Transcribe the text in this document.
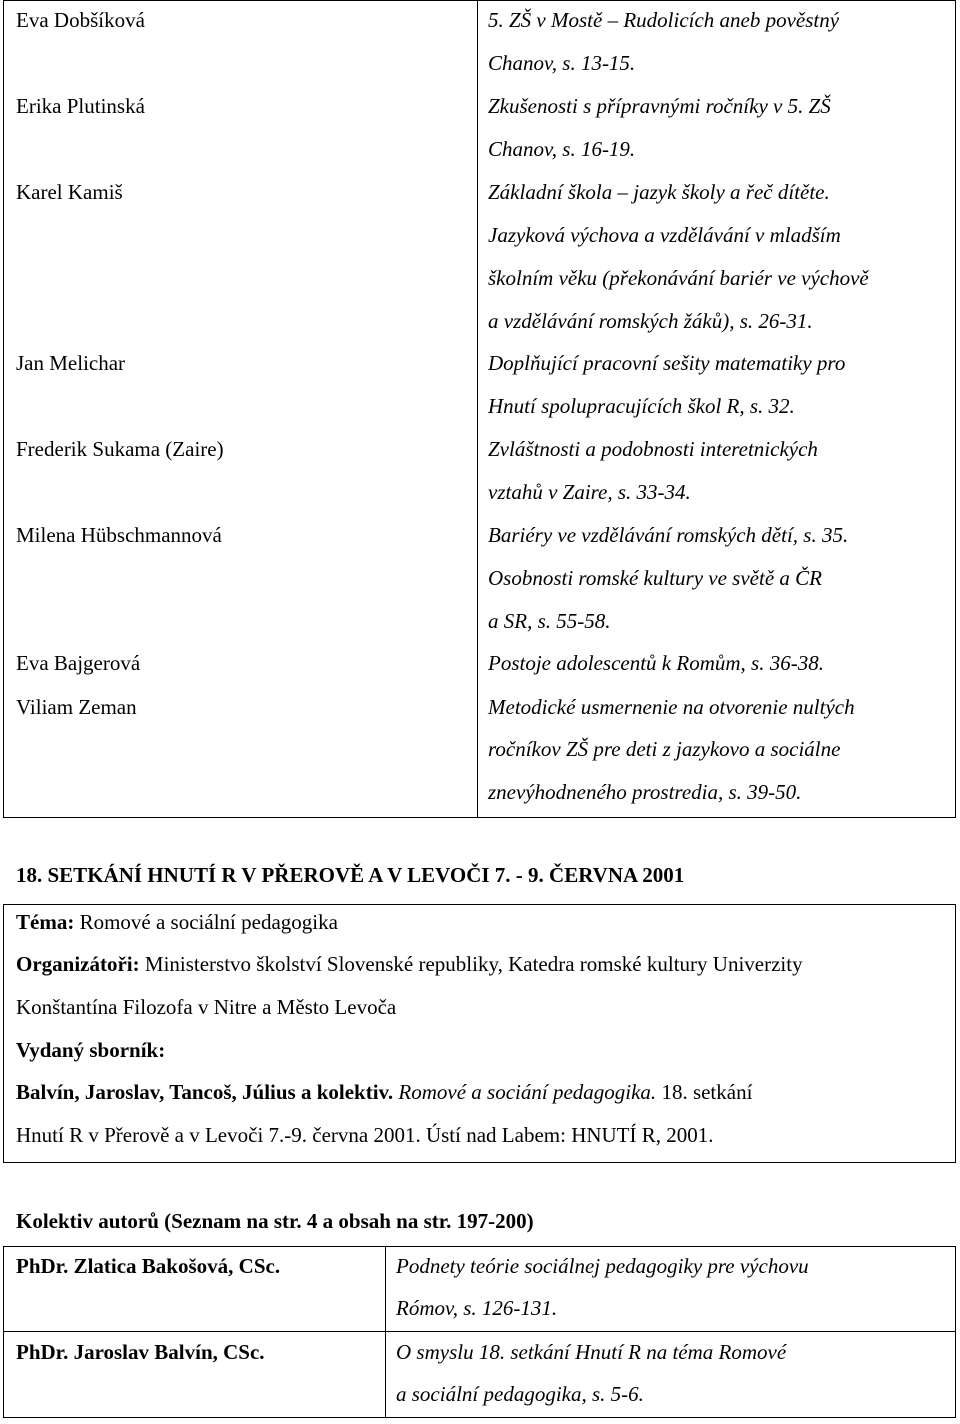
Eva Dobšíková	5. ZŠ v Mostě – Rudolicích aneb pověstný
Chanov, s. 13-15.
Erika Plutinská	Zkušenosti s přípravnými ročníky v 5. ZŠ
Chanov, s. 16-19.
Karel Kamiš	Základní škola – jazyk školy a řeč dítěte.
Jazyková výchova a vzdělávání v mladším
školním věku (překonávání bariér ve výchově
a vzdělávání romských žáků), s. 26-31.
Jan Melichar	Doplňující pracovní sešity matematiky pro
Hnutí spolupracujících škol R, s. 32.
Frederik Sukama (Zaire)	Zvláštnosti a podobnosti interetnických
vztahů v Zaire, s. 33-34.
Milena Hübschmannová	Bariéry ve vzdělávání romských dětí, s. 35.
Osobnosti romské kultury ve světě a ČR
a SR, s. 55-58.
Eva Bajgerová	Postoje adolescentů k Romům, s. 36-38.
Viliam Zeman	Metodické usmernenie na otvorenie nultých
ročníkov ZŠ pre deti z jazykovo a sociálne
znevýhodneného prostredia, s. 39-50.
18. SETKÁNÍ HNUTÍ R V PŘEROVĚ A V LEVOČI 7. - 9. ČERVNA 2001
Téma: Romové a sociální pedagogika
Organizátoři: Ministerstvo školství Slovenské republiky, Katedra romské kultury Univerzity
Konštantína Filozofa v Nitre a Město Levoča
Vydaný sborník:
Balvín, Jaroslav, Tancoš, Július a kolektiv. Romové a sociání pedagogika. 18. setkání
Hnutí R v Přerově a v Levoči 7.-9. června 2001. Ústí nad Labem: HNUTÍ R, 2001.
Kolektiv autorů (Seznam na str. 4 a obsah na str. 197-200)
PhDr. Zlatica Bakošová, CSc.	Podnety teórie sociálnej pedagogiky pre výchovu
Rómov, s. 126-131.
PhDr. Jaroslav Balvín, CSc.	O smyslu 18. setkání Hnutí R na téma Romové
a sociální pedagogika, s. 5-6.
